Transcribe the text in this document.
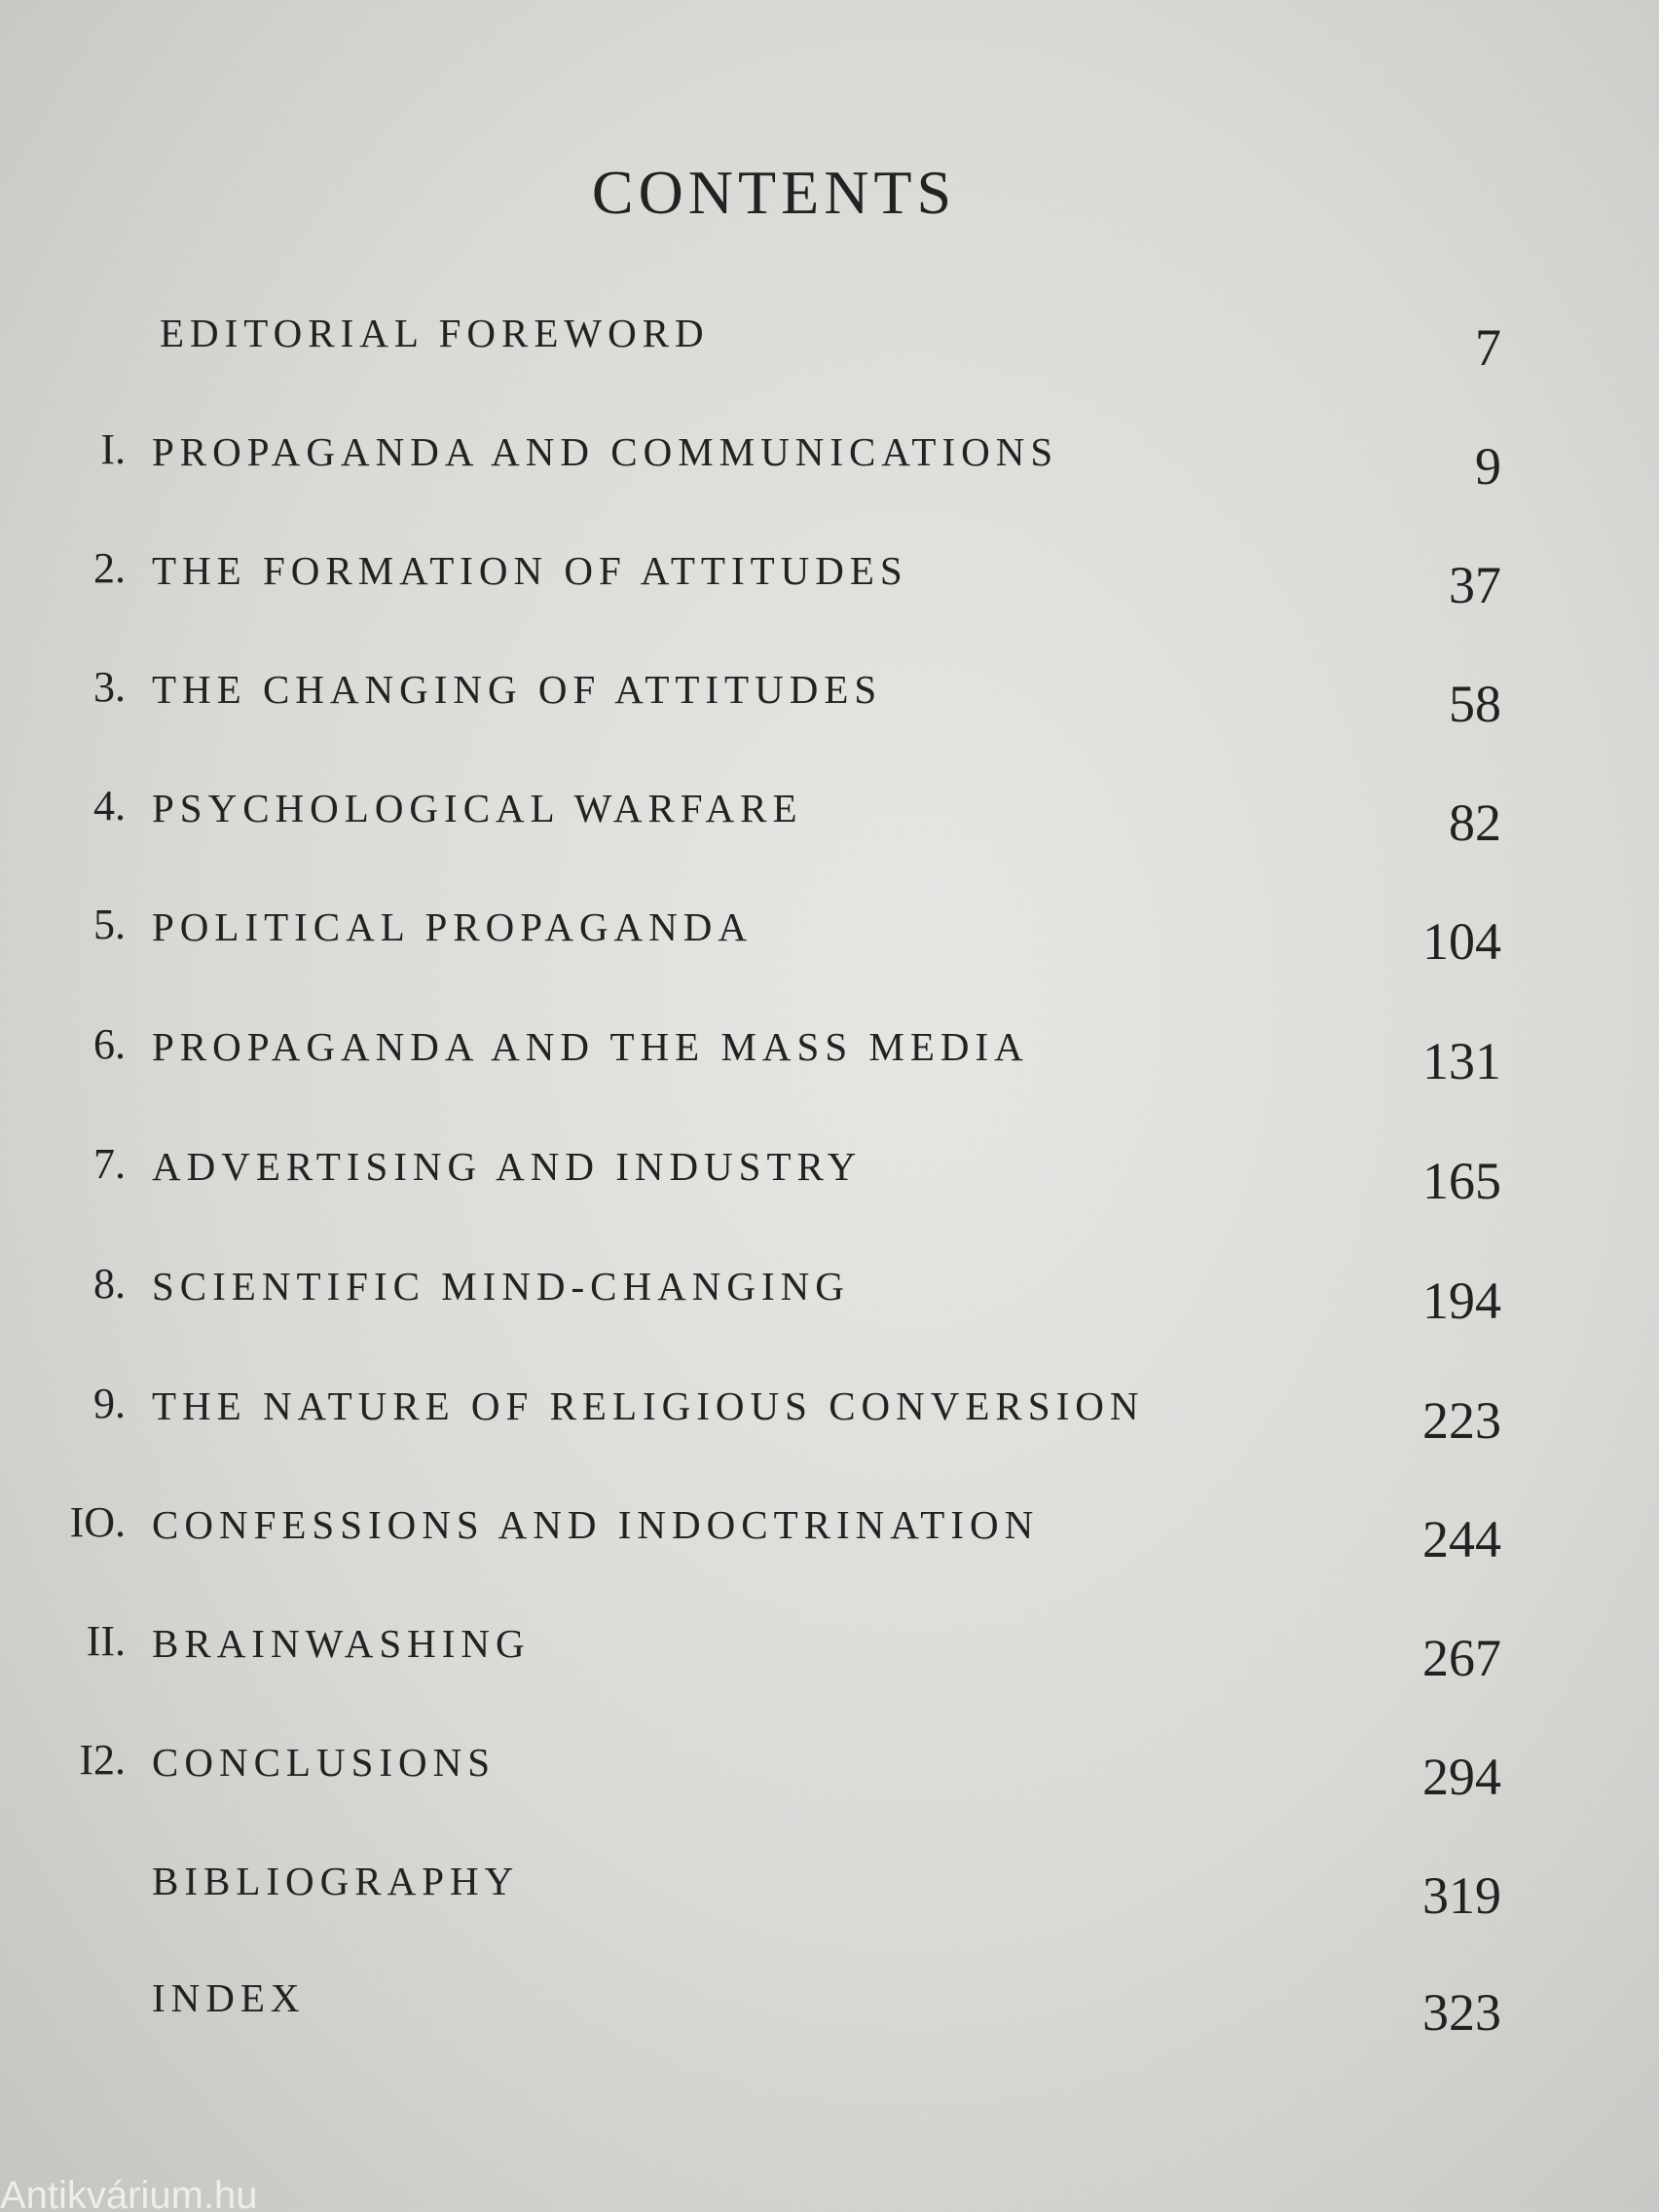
CONTENTS
EDITORIAL FOREWORD	7
I. PROPAGANDA AND COMMUNICATIONS	9
2. THE FORMATION OF ATTITUDES	37
3. THE CHANGING OF ATTITUDES	58
4. PSYCHOLOGICAL WARFARE	82
5. POLITICAL PROPAGANDA	104
6. PROPAGANDA AND THE MASS MEDIA	131
7. ADVERTISING AND INDUSTRY	165
8. SCIENTIFIC MIND-CHANGING	194
9. THE NATURE OF RELIGIOUS CONVERSION	223
IO. CONFESSIONS AND INDOCTRINATION	244
II. BRAINWASHING	267
I2. CONCLUSIONS	294
BIBLIOGRAPHY	319
INDEX	323
Antikvárium.hu
